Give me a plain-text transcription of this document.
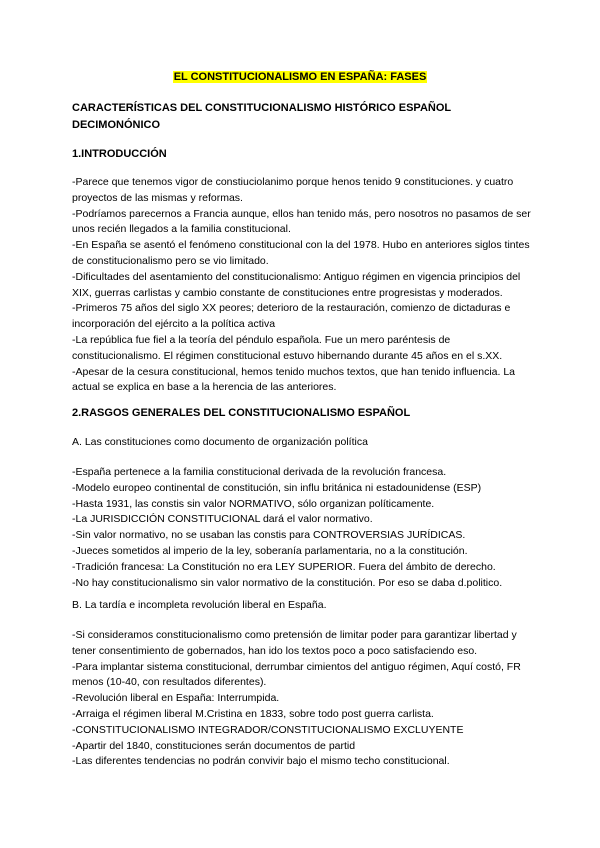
EL CONSTITUCIONALISMO EN ESPAÑA: FASES
CARACTERÍSTICAS DEL CONSTITUCIONALISMO HISTÓRICO ESPAÑOL DECIMONÓNICO
1.INTRODUCCIÓN
-Parece que tenemos vigor de constiuciolanimo porque henos tenido 9 constituciones. y cuatro proyectos de las mismas y reformas.
-Podríamos parecernos a Francia aunque, ellos han tenido más, pero nosotros no pasamos de ser unos recién llegados a la familia constitucional.
-En España se asentó el fenómeno constitucional con la del 1978. Hubo en anteriores siglos tintes de constitucionalismo pero se vio limitado.
-Dificultades del asentamiento del constitucionalismo: Antiguo régimen en vigencia principios del XIX, guerras carlistas y cambio constante de constituciones entre progresistas y moderados.
-Primeros 75 años del siglo XX peores; deterioro de la restauración, comienzo de dictaduras e incorporación del ejército a la política activa
-La república fue fiel a la teoría del péndulo española. Fue un mero paréntesis de constitucionalismo. El régimen constitucional estuvo hibernando durante 45 años en el s.XX.
-Apesar de la cesura constitucional, hemos tenido muchos textos, que han tenido influencia. La actual se explica en base a la herencia de las anteriores.
2.RASGOS GENERALES DEL CONSTITUCIONALISMO ESPAÑOL
A. Las constituciones como documento de organización política
-España pertenece a la familia constitucional derivada de la revolución francesa.
-Modelo europeo continental de constitución, sin influ británica ni estadounidense (ESP)
-Hasta 1931, las constis sin valor NORMATIVO, sólo organizan políticamente.
-La JURISDICCIÓN CONSTITUCIONAL dará el valor normativo.
-Sin valor normativo, no se usaban las constis para CONTROVERSIAS JURÍDICAS.
-Jueces sometidos al imperio de la ley, soberanía parlamentaria, no a la constitución.
-Tradición francesa: La Constitución no era LEY SUPERIOR. Fuera del ámbito de derecho.
-No hay constitucionalismo sin valor normativo de la constitución. Por eso se daba d.politico.
B. La tardía e incompleta revolución liberal en España.
-Si consideramos constitucionalismo como pretensión de limitar poder para garantizar libertad y tener consentimiento de gobernados, han ido los textos poco a poco satisfaciendo eso.
-Para implantar sistema constitucional, derrumbar cimientos del antiguo régimen, Aquí costó, FR menos (10-40, con resultados diferentes).
-Revolución liberal en España: Interrumpida.
-Arraiga el régimen liberal M.Cristina en 1833, sobre todo post guerra carlista.
-CONSTITUCIONALISMO INTEGRADOR/CONSTITUCIONALISMO EXCLUYENTE
-Apartir del 1840, constituciones serán documentos de partid
-Las diferentes tendencias no podrán convivir bajo el mismo techo constitucional.
